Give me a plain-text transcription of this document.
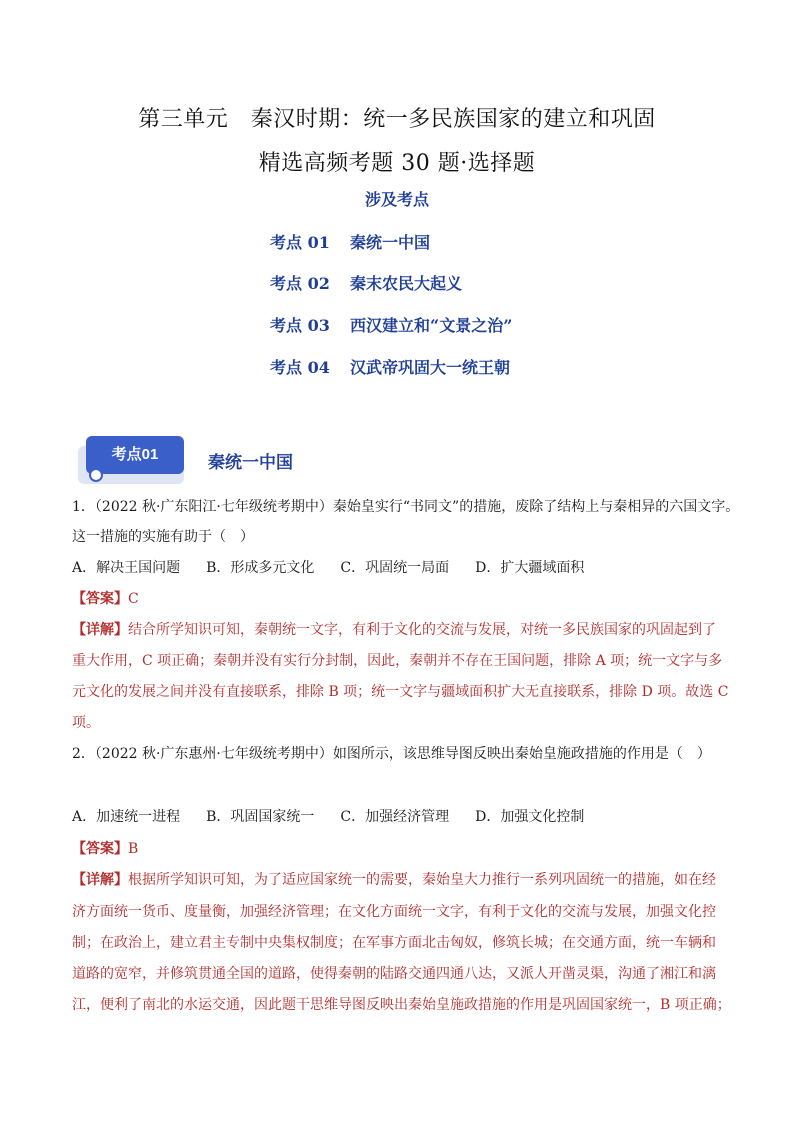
第三单元　秦汉时期：统一多民族国家的建立和巩固
精选高频考题 30 题·选择题
涉及考点
考点 01 秦统一中国
考点 02 秦末农民大起义
考点 03 西汉建立和“文景之治”
考点 04 汉武帝巩固大一统王朝
考点01	秦统一中国
1．（2022 秋·广东阳江·七年级统考期中）秦始皇实行“书同文”的措施，废除了结构上与秦相异的六国文字。
这一措施的实施有助于（　）
A．解决王国问题 B．形成多元文化 C．巩固统一局面 D．扩大疆域面积
【答案】C
【详解】结合所学知识可知，秦朝统一文字，有利于文化的交流与发展，对统一多民族国家的巩固起到了
重大作用，C 项正确；秦朝并没有实行分封制，因此，秦朝并不存在王国问题，排除 A 项；统一文字与多
元文化的发展之间并没有直接联系，排除 B 项；统一文字与疆域面积扩大无直接联系，排除 D 项。故选 C
项。
2．（2022 秋·广东惠州·七年级统考期中）如图所示，该思维导图反映出秦始皇施政措施的作用是（　）
A．加速统一进程 B．巩固国家统一 C．加强经济管理 D．加强文化控制
【答案】B
【详解】根据所学知识可知，为了适应国家统一的需要，秦始皇大力推行一系列巩固统一的措施，如在经
济方面统一货币、度量衡，加强经济管理；在文化方面统一文字，有利于文化的交流与发展，加强文化控
制；在政治上，建立君主专制中央集权制度；在军事方面北击匈奴，修筑长城；在交通方面，统一车辆和
道路的宽窄，并修筑贯通全国的道路，使得秦朝的陆路交通四通八达，又派人开凿灵渠，沟通了湘江和漓
江，便利了南北的水运交通，因此题干思维导图反映出秦始皇施政措施的作用是巩固国家统一，B 项正确；
